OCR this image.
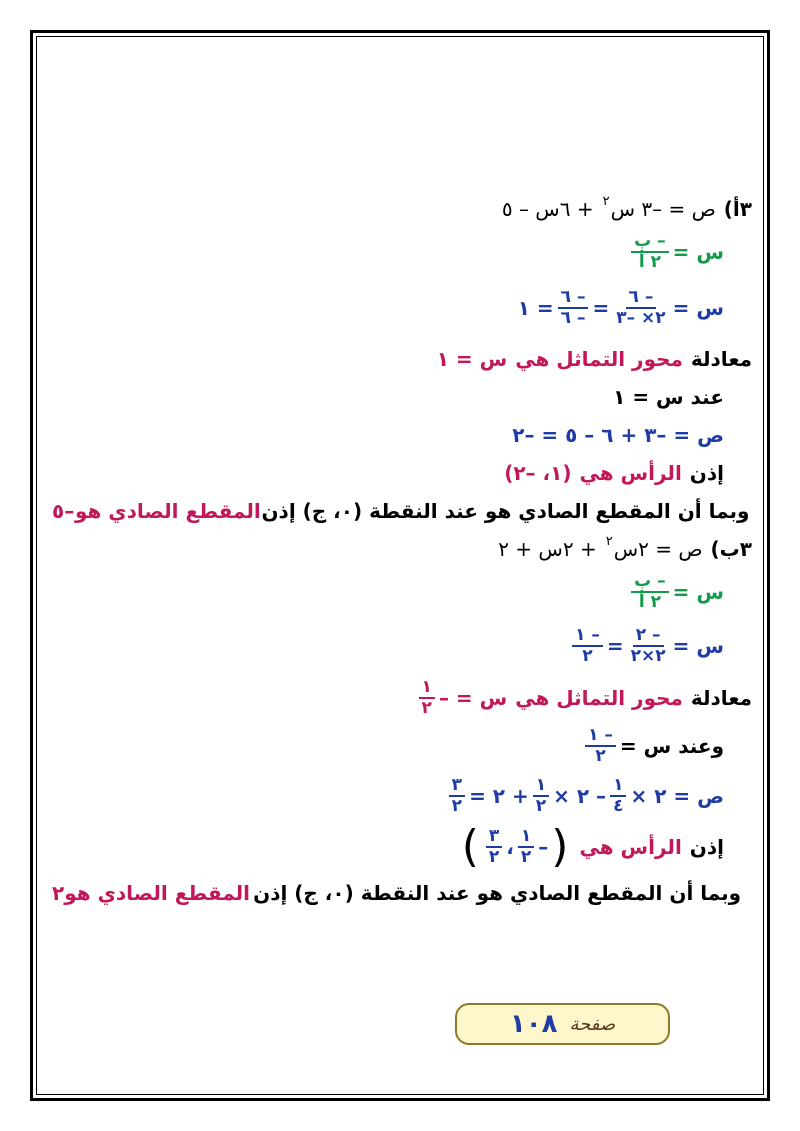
٣أ)
ص = –٣ س
٢
+ ٦س – ٥
س =
$\frac{\text{– ب}}{\text{٢ أ}}$
س =
$\frac{- ٦}{٢\times -٣}$
=
$\frac{- ٦}{- ٦}$
= ١
معادلة
محور التماثل هي
س = ١
عند س = ١
ص = –٣ + ٦ – ٥ = –٢
إذن
الرأس هي
(١، –٢)
وبما أن المقطع الصادي هو عند النقطة (٠، ج) إذن
المقطع الصادي هو
–٥
٣ب)
ص = ٢س
٢
+ ٢س + ٢
س =
$\frac{\text{– ب}}{\text{٢ أ}}$
س =
$\frac{- ٢}{٢\times ٢}$
=
$\frac{- ١}{٢}$
معادلة
محور التماثل هي
س = –
$\frac{١}{٢}$
وعند س =
$\frac{- ١}{٢}$
ص = ٢ ×
$\frac{١}{٤}$
– ٢ ×
$\frac{١}{٢}$
+ ٢ =
$\frac{٣}{٢}$
إذن
الرأس هي
(
–
$\frac{١}{٢}$
،
$\frac{٣}{٢}$
)
وبما أن المقطع الصادي هو عند النقطة (٠، ج) إذن
المقطع الصادي هو
٢
صفحة
١٠٨
